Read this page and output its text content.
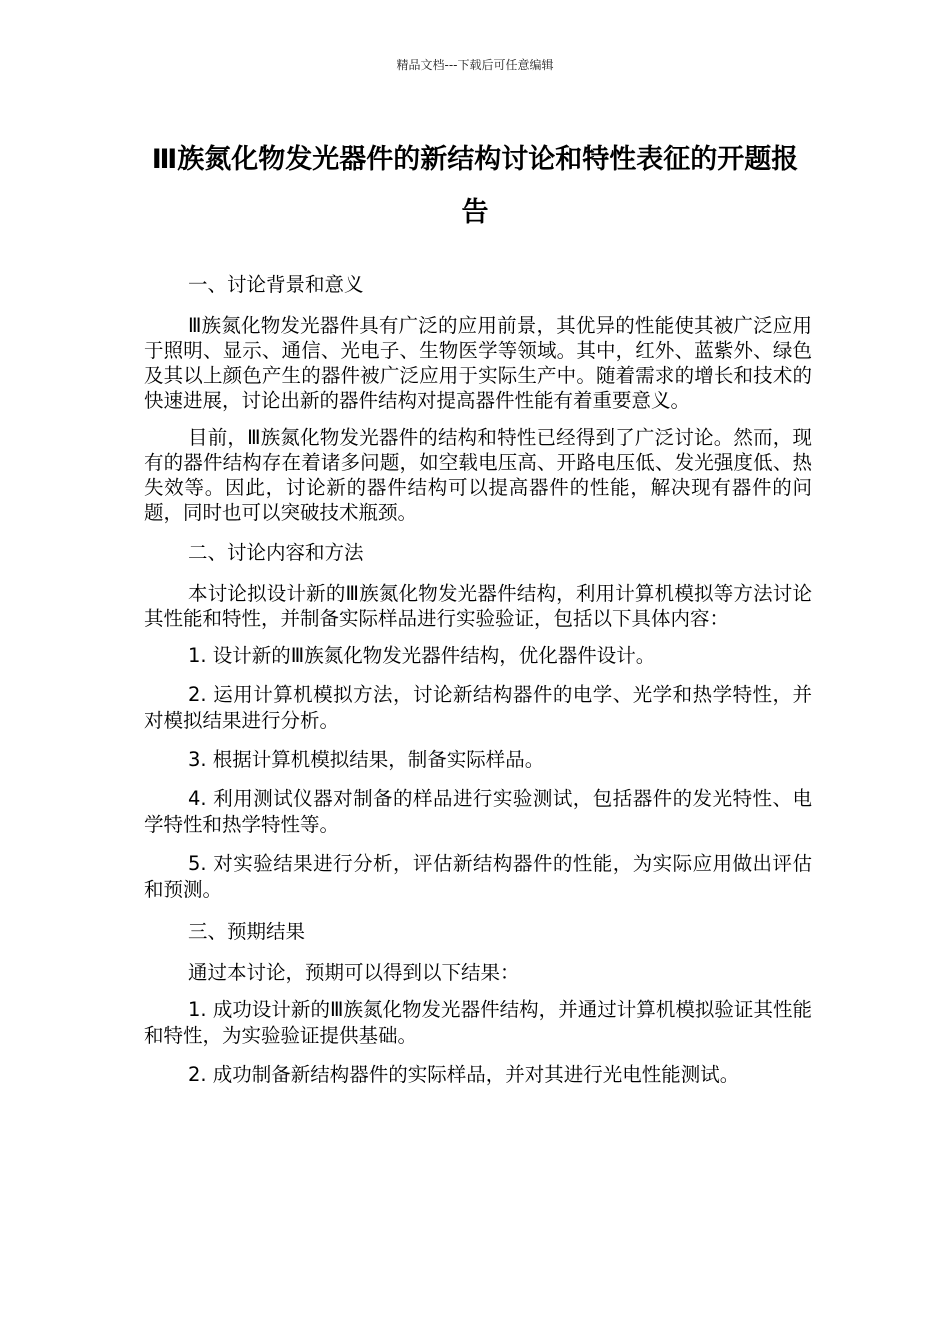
精品文档---下载后可任意编辑
Ⅲ族氮化物发光器件的新结构讨论和特性表征的开题报告
一、讨论背景和意义

Ⅲ族氮化物发光器件具有广泛的应用前景，其优异的性能使其被广泛应用于照明、显示、通信、光电子、生物医学等领域。其中，红外、蓝紫外、绿色及其以上颜色产生的器件被广泛应用于实际生产中。随着需求的增长和技术的快速进展，讨论出新的器件结构对提高器件性能有着重要意义。

目前，Ⅲ族氮化物发光器件的结构和特性已经得到了广泛讨论。然而，现有的器件结构存在着诸多问题，如空载电压高、开路电压低、发光强度低、热失效等。因此，讨论新的器件结构可以提高器件的性能，解决现有器件的问题，同时也可以突破技术瓶颈。

二、讨论内容和方法

本讨论拟设计新的Ⅲ族氮化物发光器件结构，利用计算机模拟等方法讨论其性能和特性，并制备实际样品进行实验验证，包括以下具体内容：

1. 设计新的Ⅲ族氮化物发光器件结构，优化器件设计。

2. 运用计算机模拟方法，讨论新结构器件的电学、光学和热学特性，并对模拟结果进行分析。

3. 根据计算机模拟结果，制备实际样品。

4. 利用测试仪器对制备的样品进行实验测试，包括器件的发光特性、电学特性和热学特性等。

5. 对实验结果进行分析，评估新结构器件的性能，为实际应用做出评估和预测。

三、预期结果

通过本讨论，预期可以得到以下结果：

1. 成功设计新的Ⅲ族氮化物发光器件结构，并通过计算机模拟验证其性能和特性，为实验验证提供基础。

2. 成功制备新结构器件的实际样品，并对其进行光电性能测试。
